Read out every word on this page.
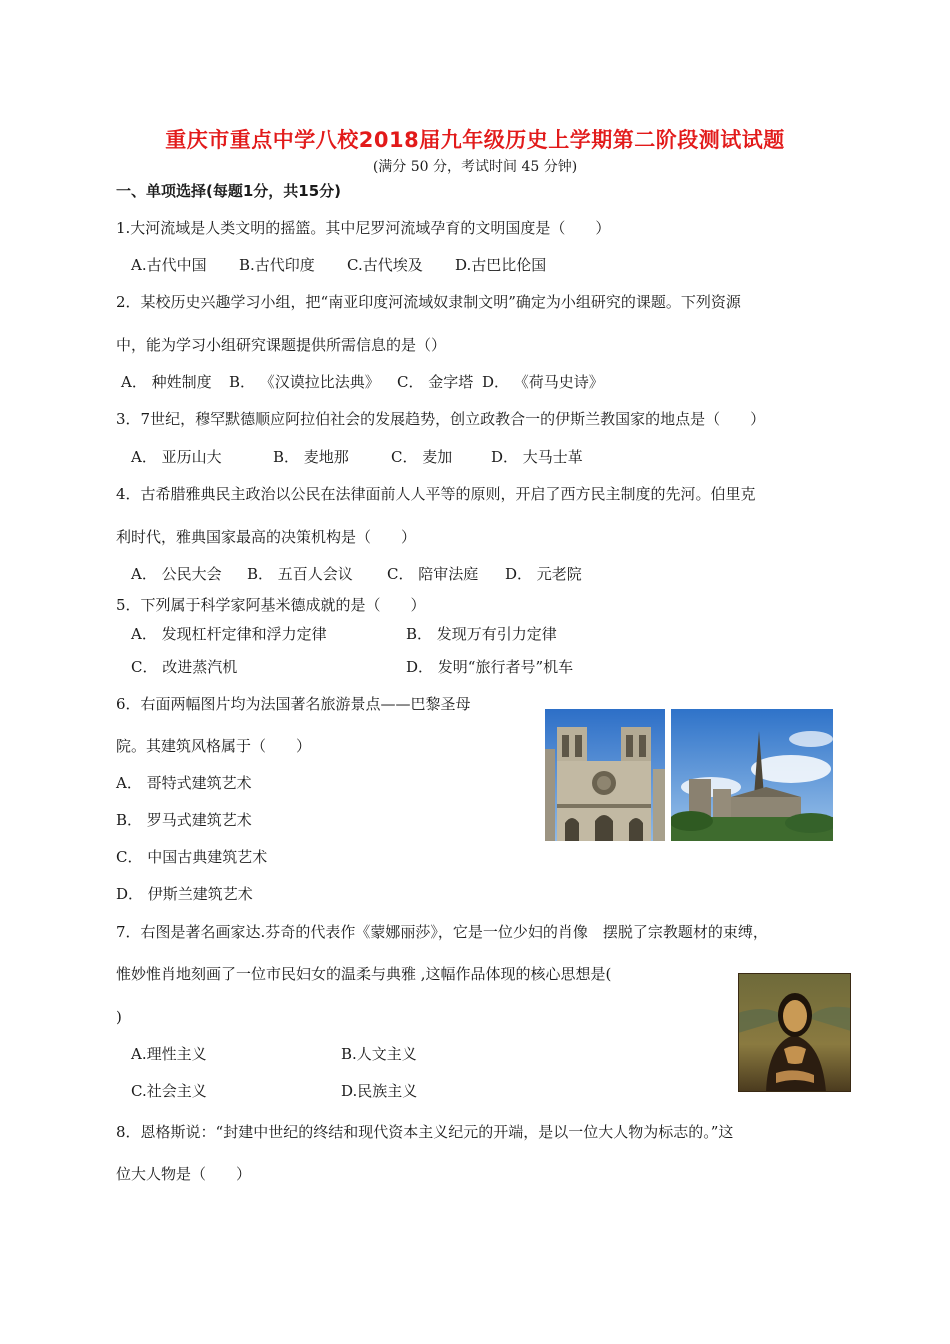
重庆市重点中学八校2018届九年级历史上学期第二阶段测试试题
(满分 50 分，考试时间 45 分钟)
一、单项选择(每题1分，共15分)
1.大河流域是人类文明的摇篮。其中尼罗河流域孕育的文明国度是（　　）
A.古代中国 B.古代印度 C.古代埃及 D.古巴比伦国
2．某校历史兴趣学习小组，把“南亚印度河流域奴隶制文明”确定为小组研究的课题。下列资源
中，能为学习小组研究课题提供所需信息的是（）
A． 种姓制度 B． 《汉谟拉比法典》 C． 金字塔 D． 《荷马史诗》
3．7世纪，穆罕默德顺应阿拉伯社会的发展趋势，创立政教合一的伊斯兰教国家的地点是（　　）
A． 亚历山大	B． 麦地那	C． 麦加	D． 大马士革
4．古希腊雅典民主政治以公民在法律面前人人平等的原则，开启了西方民主制度的先河。伯里克
利时代，雅典国家最高的决策机构是（　　）
A． 公民大会 B． 五百人会议 C． 陪审法庭 D． 元老院
5．下列属于科学家阿基米德成就的是（　　）
A． 发现杠杆定律和浮力定律	B． 发现万有引力定律
C． 改进蒸汽机	D． 发明“旅行者号”机车
6．右面两幅图片均为法国著名旅游景点——巴黎圣母
院。其建筑风格属于（　　）
A． 哥特式建筑艺术
B． 罗马式建筑艺术
C． 中国古典建筑艺术
D． 伊斯兰建筑艺术
7．右图是著名画家达.芬奇的代表作《蒙娜丽莎》，它是一位少妇的肖像　摆脱了宗教题材的束缚，
惟妙惟肖地刻画了一位市民妇女的温柔与典雅 ,这幅作品体现的核心思想是(
)
A.理性主义	B.人文主义
C.社会主义	D.民族主义
8．恩格斯说：“封建中世纪的终结和现代资本主义纪元的开端，是以一位大人物为标志的。”这
位大人物是（　　）
